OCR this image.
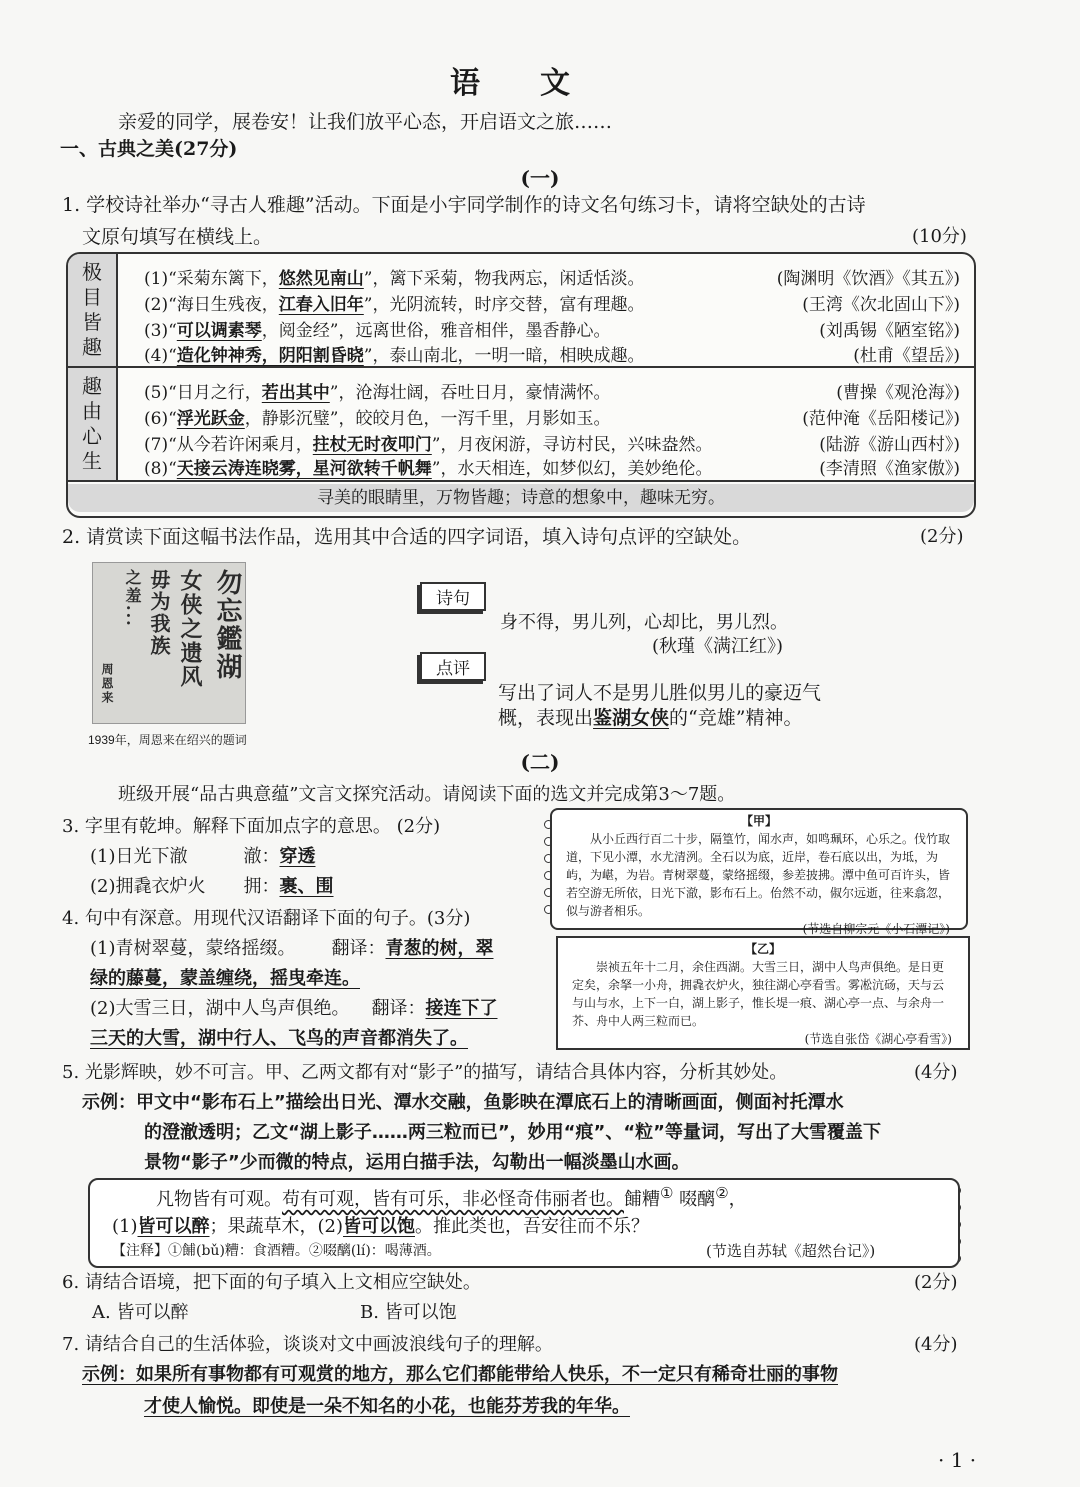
语文
亲爱的同学，展卷安！让我们放平心态，开启语文之旅……
一、古典之美(27分)
(一)
1. 学校诗社举办“寻古人雅趣”活动。下面是小宇同学制作的诗文名句练习卡，请将空缺处的古诗
文原句填写在横线上。	(10分)
极目皆趣
趣由心生
(1)“采菊东篱下，悠然见南山”，篱下采菊，物我两忘，闲适恬淡。	(陶渊明《饮酒》《其五》)
(2)“海日生残夜，江春入旧年”，光阴流转，时序交替，富有理趣。	(王湾《次北固山下》)
(3)“可以调素琴，阅金经”，远离世俗，雅音相伴，墨香静心。	(刘禹锡《陋室铭》)
(4)“造化钟神秀，阴阳割昏晓”，泰山南北，一明一暗，相映成趣。	(杜甫《望岳》)
(5)“日月之行，若出其中”，沧海壮阔，吞吐日月，豪情满怀。	(曹操《观沧海》)
(6)“浮光跃金，静影沉璧”，皎皎月色，一泻千里，月影如玉。	(范仲淹《岳阳楼记》)
(7)“从今若许闲乘月，拄杖无时夜叩门”，月夜闲游，寻访村民，兴味盎然。	(陆游《游山西村》)
(8)“天接云涛连晓雾，星河欲转千帆舞”，水天相连，如梦似幻，美妙绝伦。	(李清照《渔家傲》)
寻美的眼睛里，万物皆趣；诗意的想象中，趣味无穷。
2. 请赏读下面这幅书法作品，选用其中合适的四字词语，填入诗句点评的空缺处。	(2分)
勿忘鑑湖
女侠之遗风
毋为我族
之羞...
周恩来
1939年，周恩来在绍兴的题词
诗句
身不得，男儿列，心却比，男儿烈。
(秋瑾《满江红》)
点评
写出了词人不是男儿胜似男儿的豪迈气
概，表现出鉴湖女侠的“竞雄”精神。
(二)
班级开展“品古典意蕴”文言文探究活动。请阅读下面的选文并完成第3～7题。
3. 字里有乾坤。解释下面加点字的意思。 (2分)
(1)日光下澈	澈：穿透
(2)拥毳衣炉火 拥：裹、围
4. 句中有深意。用现代汉语翻译下面的句子。(3分)
(1)青树翠蔓，蒙络摇缀。 翻译：青葱的树，翠
绿的藤蔓，蒙盖缠绕，摇曳牵连。
(2)大雪三日，湖中人鸟声俱绝。 翻译：接连下了
三天的大雪，湖中行人、飞鸟的声音都消失了。
【甲】
从小丘西行百二十步，隔篁竹，闻水声，如鸣珮环，心乐之。伐竹取道，下见小潭，水尤清洌。全石以为底，近岸，卷石底以出，为坻，为屿，为嵁，为岩。青树翠蔓，蒙络摇缀，参差披拂。潭中鱼可百许头，皆若空游无所依，日光下澈，影布石上。佁然不动，俶尔远逝，往来翕忽，似与游者相乐。
(节选自柳宗元《小石潭记》)
【乙】
崇祯五年十二月，余住西湖。大雪三日，湖中人鸟声俱绝。是日更定矣，余拏一小舟，拥毳衣炉火，独往湖心亭看雪。雾凇沆砀，天与云与山与水，上下一白，湖上影子，惟长堤一痕、湖心亭一点、与余舟一芥、舟中人两三粒而已。
(节选自张岱《湖心亭看雪》)
5. 光影辉映，妙不可言。甲、乙两文都有对“影子”的描写，请结合具体内容，分析其妙处。	(4分)
示例：甲文中“影布石上”描绘出日光、潭水交融，鱼影映在潭底石上的清晰画面，侧面衬托潭水
的澄澈透明；乙文“湖上影子……两三粒而已”，妙用“痕”、“粒”等量词，写出了大雪覆盖下
景物“影子”少而微的特点，运用白描手法，勾勒出一幅淡墨山水画。
凡物皆有可观。苟有可观，皆有可乐，非必怪奇伟丽者也。餔糟① 啜醨②，
(1)皆可以醉；果蔬草木，(2)皆可以饱。推此类也，吾安往而不乐？
【注释】①餔(bǔ)糟：食酒糟。②啜醨(lí)：喝薄酒。	(节选自苏轼《超然台记》)
6. 请结合语境，把下面的句子填入上文相应空缺处。	(2分)
A. 皆可以醉	B. 皆可以饱
7. 请结合自己的生活体验，谈谈对文中画波浪线句子的理解。	(4分)
示例：如果所有事物都有可观赏的地方，那么它们都能带给人快乐，不一定只有稀奇壮丽的事物
才使人愉悦。即使是一朵不知名的小花，也能芬芳我的年华。
· 1 ·
